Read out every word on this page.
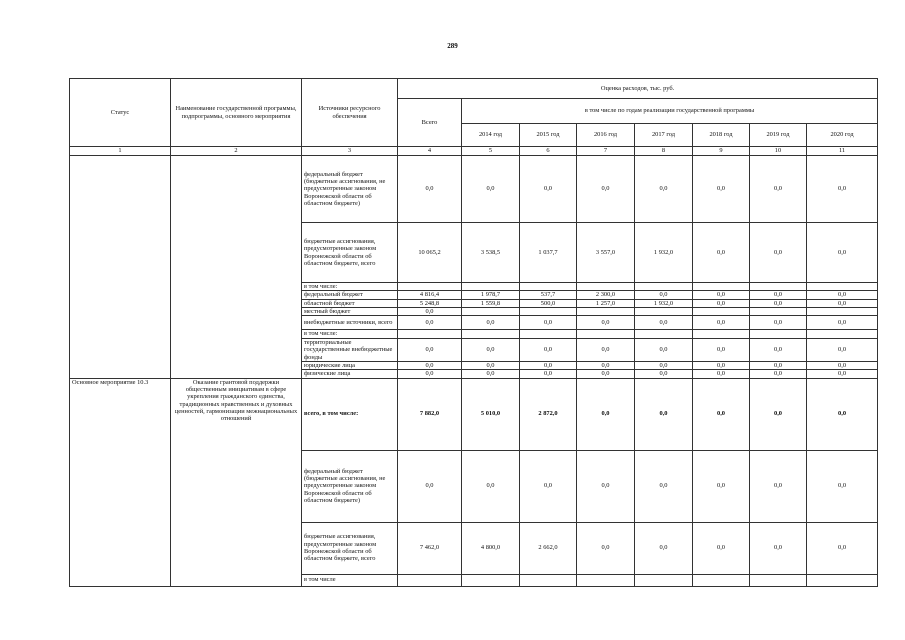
289
Статус	Наименование государственной программы, подпрограммы, основного мероприятия	Источники ресурсного обеспечения	Оценка расходов, тыс. руб.							
			Всего	в том числе по годам реализации государственной программы						
				2014 год	2015 год	2016 год	2017 год	2018 год	2019 год	2020 год
1	2	3	4	5	6	7	8	9	10	11
		федеральный бюджет (бюджетные ассигнования, не предусмотренные законом Воронежской области об областном бюджете)	0,0	0,0	0,0	0,0	0,0	0,0	0,0	0,0
		бюджетные ассигнования, предусмотренные законом Воронежской области об областном бюджете, всего	10 065,2	3 538,5	1 037,7	3 557,0	1 932,0	0,0	0,0	0,0
		в том числе:								
		федеральный бюджет	4 816,4	1 978,7	537,7	2 300,0	0,0	0,0	0,0	0,0
		областной бюджет	5 248,8	1 559,8	500,0	1 257,0	1 932,0	0,0	0,0	0,0
		местный бюджет	0,0							
		внебюджетные источники, всего	0,0	0,0	0,0	0,0	0,0	0,0	0,0	0,0
		в том числе:								
		территориальные государственные внебюджетные фонды	0,0	0,0	0,0	0,0	0,0	0,0	0,0	0,0
		юридические лица	0,0	0,0	0,0	0,0	0,0	0,0	0,0	0,0
		физические лица	0,0	0,0	0,0	0,0	0,0	0,0	0,0	0,0
Основное мероприятие 10.3	Оказание грантовой поддержки общественным инициативам в сфере укрепления гражданского единства, традиционных нравственных и духовных ценностей, гармонизации межнациональных отношений	всего, в том числе:	7 882,0	5 010,0	2 872,0	0,0	0,0	0,0	0,0	0,0
		федеральный бюджет (бюджетные ассигнования, не предусмотренные законом Воронежской области об областном бюджете)	0,0	0,0	0,0	0,0	0,0	0,0	0,0	0,0
		бюджетные ассигнования, предусмотренные законом Воронежской области об областном бюджете, всего	7 462,0	4 800,0	2 662,0	0,0	0,0	0,0	0,0	0,0
		в том числе								
